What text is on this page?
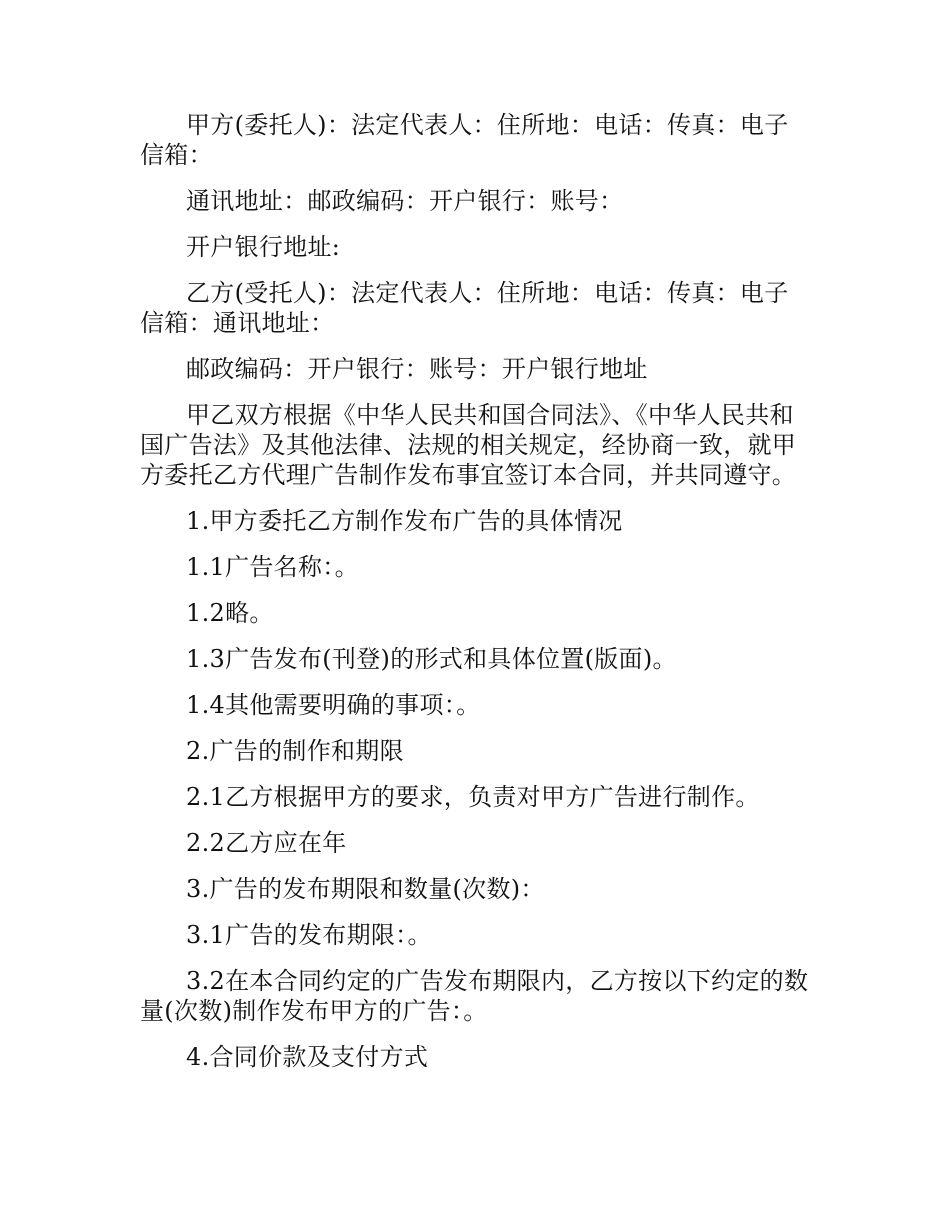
甲方(委托人)：法定代表人：住所地：电话：传真：电子信箱：

通讯地址：邮政编码：开户银行：账号：

开户银行地址:

乙方(受托人)：法定代表人：住所地：电话：传真：电子信箱：通讯地址：

邮政编码：开户银行：账号：开户银行地址

甲乙双方根据《中华人民共和国合同法》、《中华人民共和国广告法》及其他法律、法规的相关规定，经协商一致，就甲方委托乙方代理广告制作发布事宜签订本合同，并共同遵守。

1.甲方委托乙方制作发布广告的具体情况

1.1广告名称：。

1.2略。

1.3广告发布(刊登)的形式和具体位置(版面)。

1.4其他需要明确的事项：。

2.广告的制作和期限

2.1乙方根据甲方的要求，负责对甲方广告进行制作。

2.2乙方应在年

3.广告的发布期限和数量(次数)：

3.1广告的发布期限：。

3.2在本合同约定的广告发布期限内，乙方按以下约定的数量(次数)制作发布甲方的广告：。

4.合同价款及支付方式
